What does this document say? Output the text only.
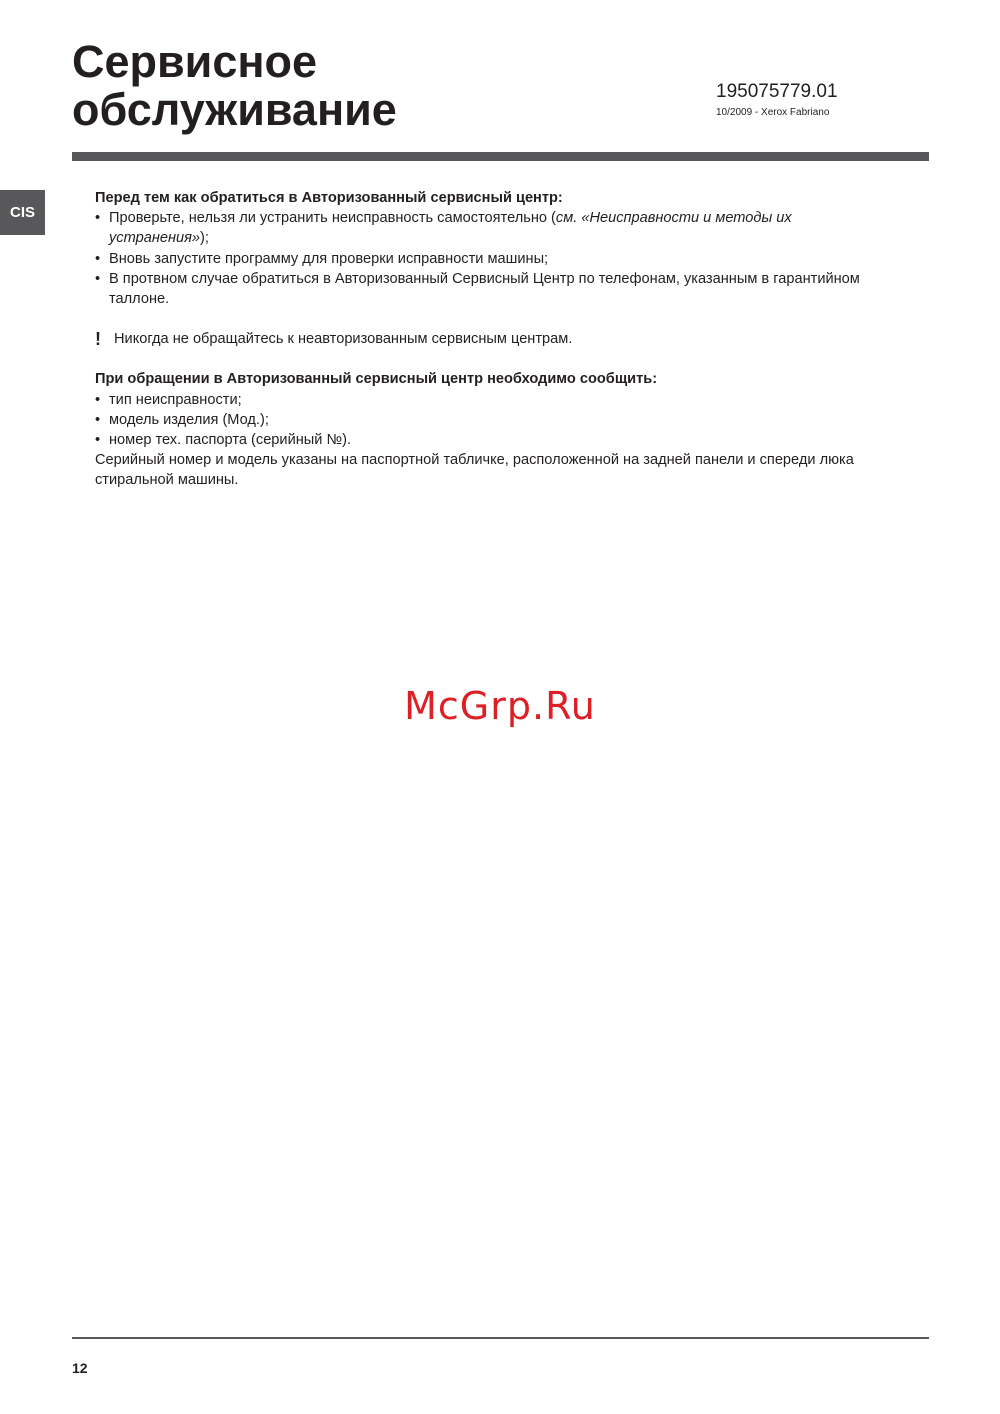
Сервисное
обслуживание	195075779.01
10/2009 - Xerox Fabriano
CIS

Перед тем как обратиться в Авторизованный сервисный центр:

• Проверьте, нельзя ли устранить неисправность самостоятельно (см. «Неисправности и методы их устранения»);
• Вновь запустите программу для проверки исправности машины;
• В протвном случае обратиться в Авторизованный Сервисный Центр по телефонам, указанным в гарантийном таллоне.

! Никогда не обращайтесь к неавторизованным сервисным центрам.

При обращении в Авторизованный сервисный центр необходимо сообщить:

• тип неисправности;
• модель изделия (Мод.);
• номер тех. паспорта (серийный №).

Серийный номер и модель указаны на паспортной табличке, расположенной на задней панели и спереди люка стиральной машины.

McGrp.Ru
12
